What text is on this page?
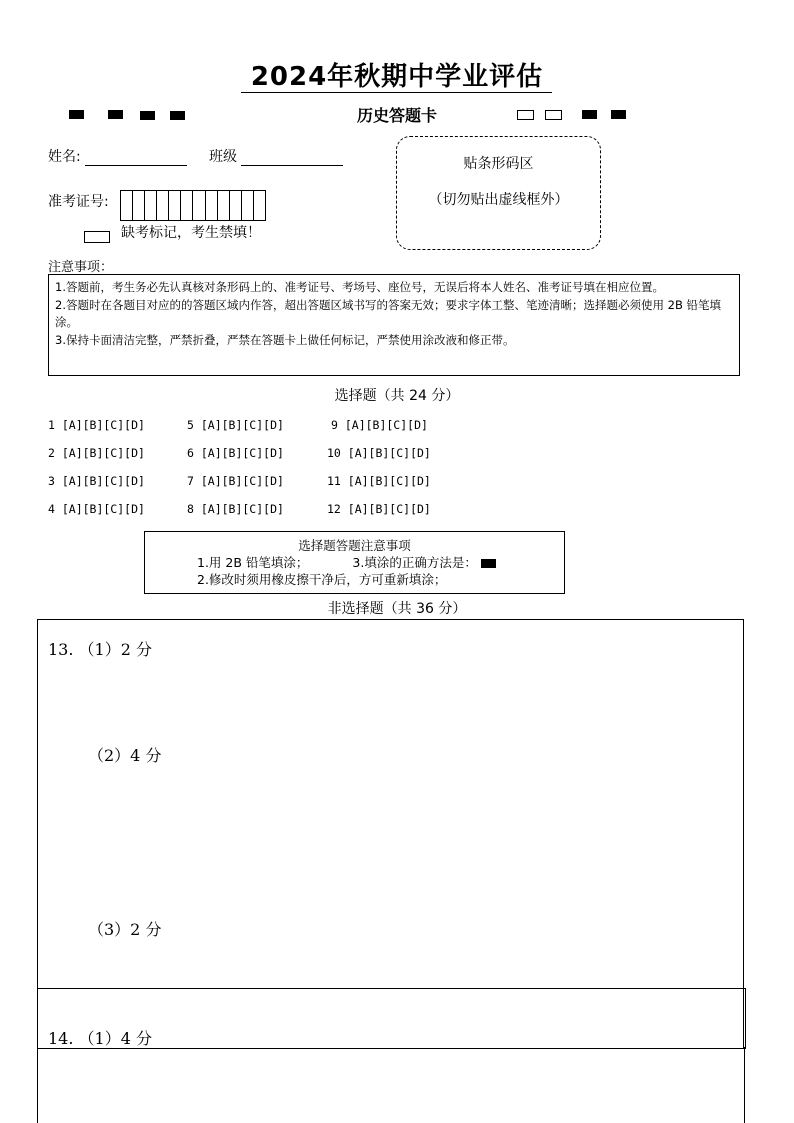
2024年秋期中学业评估
历史答题卡
姓名:	班级
准考证号:
缺考标记，考生禁填！
贴条形码区
（切勿贴出虚线框外）
注意事项：
1.答题前，考生务必先认真核对条形码上的、准考证号、考场号、座位号，无误后将本人姓名、准考证号填在相应位置。
2.答题时在各题目对应的的答题区域内作答，超出答题区域书写的答案无效；要求字体工整、笔迹清晰；选择题必须使用 2B 铅笔填涂。
3.保持卡面清洁完整，严禁折叠，严禁在答题卡上做任何标记，严禁使用涂改液和修正带。
选择题（共 24 分）
1 [A][B][C][D]
2 [A][B][C][D]
3 [A][B][C][D]
4 [A][B][C][D]
5 [A][B][C][D]
6 [A][B][C][D]
7 [A][B][C][D]
8 [A][B][C][D]
9 [A][B][C][D]
10 [A][B][C][D]
11 [A][B][C][D]
12 [A][B][C][D]
选择题答题注意事项
1.用 2B 铅笔填涂；	3.填涂的正确方法是：
2.修改时须用橡皮擦干净后，方可重新填涂；
非选择题（共 36 分）
13. （1）2 分
（2）4 分
（3）2 分
14. （1）4 分
